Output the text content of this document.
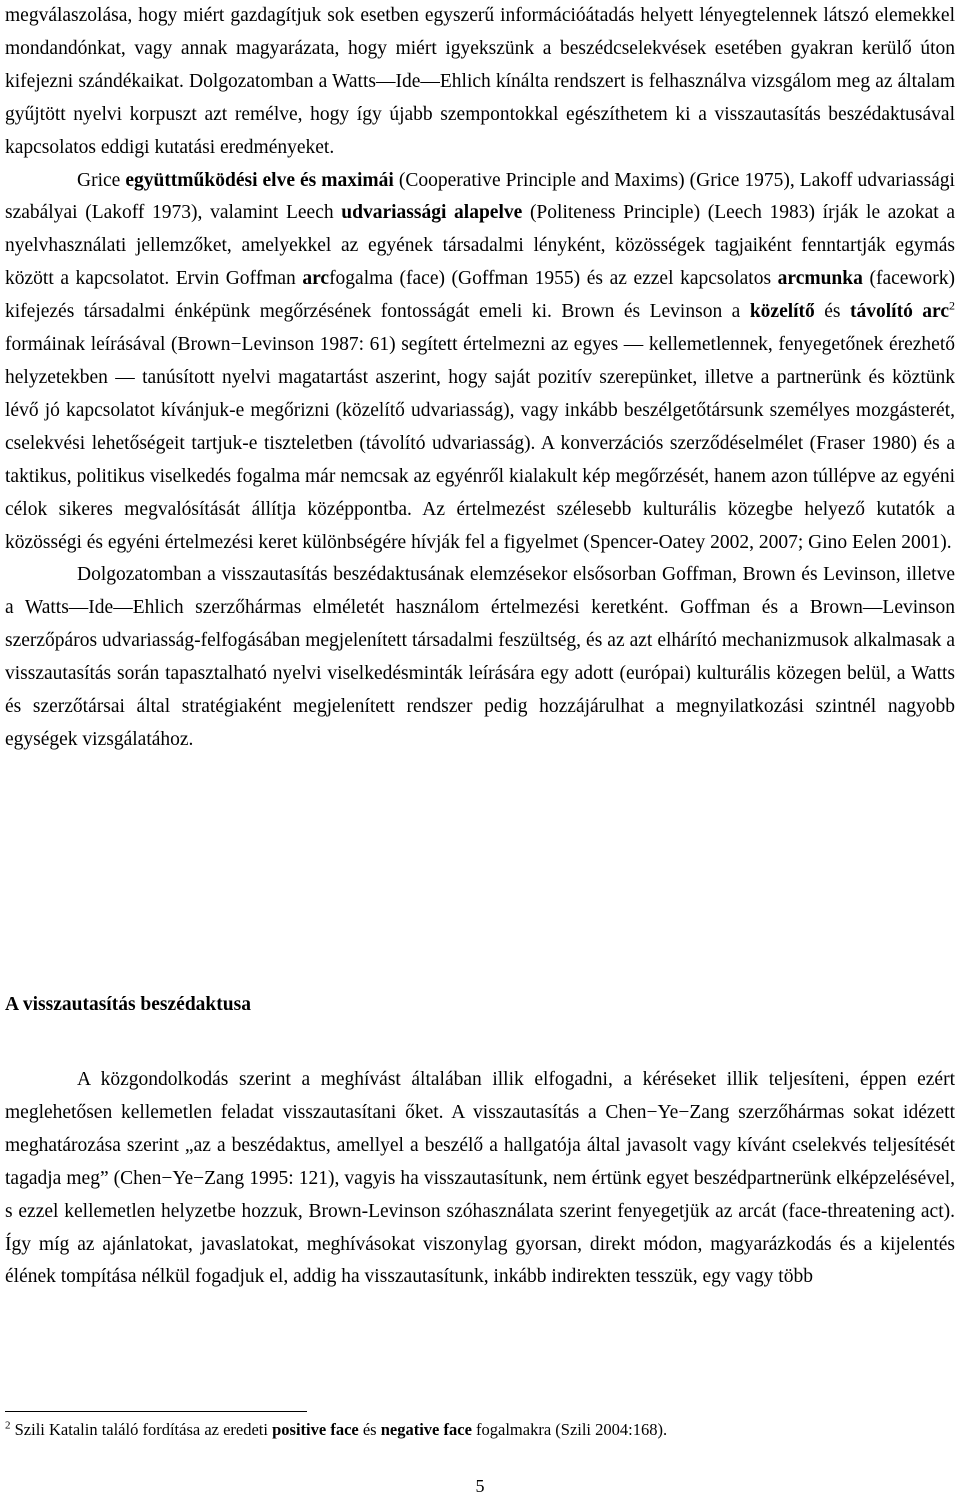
megválaszolása, hogy miért gazdagítjuk sok esetben egyszerű információátadás helyett lényegtelennek látszó elemekkel mondandónkat, vagy annak magyarázata, hogy miért igyekszünk a beszédcselekvések esetében gyakran kerülő úton kifejezni szándékaikat. Dolgozatomban a Watts―Ide―Ehlich kínálta rendszert is felhasználva vizsgálom meg az általam gyűjtött nyelvi korpuszt azt remélve, hogy így újabb szempontokkal egészíthetem ki a visszautasítás beszédaktusával kapcsolatos eddigi kutatási eredményeket.

Grice együttműködési elve és maximái (Cooperative Principle and Maxims) (Grice 1975), Lakoff udvariassági szabályai (Lakoff 1973), valamint Leech udvariassági alapelve (Politeness Principle) (Leech 1983) írják le azokat a nyelvhasználati jellemzőket, amelyekkel az egyének társadalmi lényként, közösségek tagjaiként fenntartják egymás között a kapcsolatot. Ervin Goffman arcfogalma (face) (Goffman 1955) és az ezzel kapcsolatos arcmunka (facework) kifejezés társadalmi énképünk megőrzésének fontosságát emeli ki. Brown és Levinson a közelítő és távolító arc$^2$ formáinak leírásával (Brown−Levinson 1987: 61) segített értelmezni az egyes ― kellemetlennek, fenyegetőnek érezhető helyzetekben ― tanúsított nyelvi magatartást aszerint, hogy saját pozitív szerepünket, illetve a partnerünk és köztünk lévő jó kapcsolatot kívánjuk-e megőrizni (közelítő udvariasság), vagy inkább beszélgetőtársunk személyes mozgásterét, cselekvési lehetőségeit tartjuk-e tiszteletben (távolító udvariasság). A konverzációs szerződéselmélet (Fraser 1980) és a taktikus, politikus viselkedés fogalma már nemcsak az egyénről kialakult kép megőrzését, hanem azon túllépve az egyéni célok sikeres megvalósítását állítja középpontba. Az értelmezést szélesebb kulturális közegbe helyező kutatók a közösségi és egyéni értelmezési keret különbségére hívják fel a figyelmet (Spencer-Oatey 2002, 2007; Gino Eelen 2001).

Dolgozatomban a visszautasítás beszédaktusának elemzésekor elsősorban Goffman, Brown és Levinson, illetve a Watts―Ide―Ehlich szerzőhármas elméletét használom értelmezési keretként. Goffman és a Brown―Levinson szerzőpáros udvariasság-felfogásában megjelenített társadalmi feszültség, és az azt elhárító mechanizmusok alkalmasak a visszautasítás során tapasztalható nyelvi viselkedésminták leírására egy adott (európai) kulturális közegen belül, a Watts és szerzőtársai által stratégiaként megjelenített rendszer pedig hozzájárulhat a megnyilatkozási szintnél nagyobb egységek vizsgálatához.

A visszautasítás beszédaktusa

A közgondolkodás szerint a meghívást általában illik elfogadni, a kéréseket illik teljesíteni, éppen ezért meglehetősen kellemetlen feladat visszautasítani őket. A visszautasítás a Chen−Ye−Zang szerzőhármas sokat idézett meghatározása szerint „az a beszédaktus, amellyel a beszélő a hallgatója által javasolt vagy kívánt cselekvés teljesítését tagadja meg” (Chen−Ye−Zang 1995: 121), vagyis ha visszautasítunk, nem értünk egyet beszédpartnerünk elképzelésével, s ezzel kellemetlen helyzetbe hozzuk, Brown-Levinson szóhasználata szerint fenyegetjük az arcát (face-threatening act). Így míg az ajánlatokat, javaslatokat, meghívásokat viszonylag gyorsan, direkt módon, magyarázkodás és a kijelentés élének tompítása nélkül fogadjuk el, addig ha visszautasítunk, inkább indirekten tesszük, egy vagy több

$^2$ Szili Katalin találó fordítása az eredeti positive face és negative face fogalmakra (Szili 2004:168).
5
